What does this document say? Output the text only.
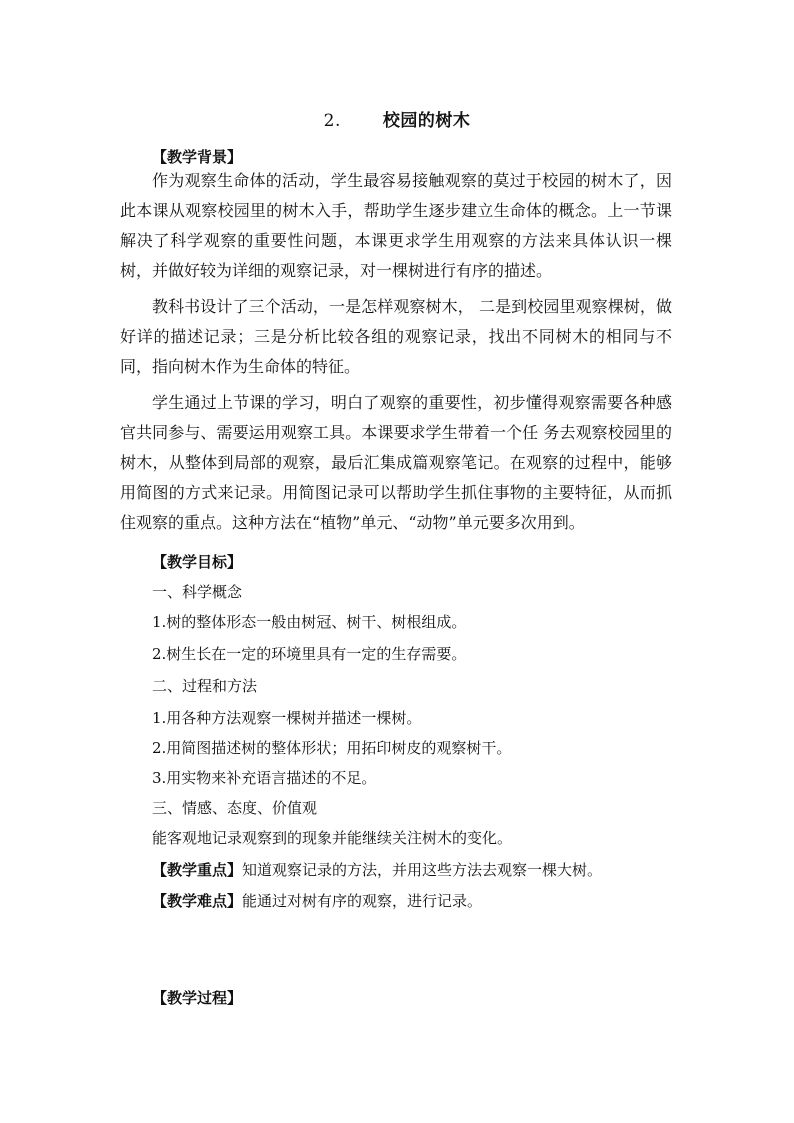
2. 校园的树木
【教学背景】

作为观察生命体的活动，学生最容易接触观察的莫过于校园的树木了，因此本课从观察校园里的树木入手，帮助学生逐步建立生命体的概念。上一节课解决了科学观察的重要性问题，本课更求学生用观察的方法来具体认识一棵树，并做好较为详细的观察记录，对一棵树进行有序的描述。

教科书设计了三个活动，一是怎样观察树木， 二是到校园里观察棵树，做好详的描述记录；三是分析比较各组的观察记录，找出不同树木的相同与不同，指向树木作为生命体的特征。

学生通过上节课的学习，明白了观察的重要性，初步懂得观察需要各种感官共同参与、需要运用观察工具。本课要求学生带着一个任 务去观察校园里的树木，从整体到局部的观察，最后汇集成篇观察笔记。在观察的过程中，能够用简图的方式来记录。用简图记录可以帮助学生抓住事物的主要特征，从而抓住观察的重点。这种方法在“植物”单元、“动物”单元要多次用到。

【教学目标】
一、科学概念
1.树的整体形态一般由树冠、树干、树根组成。
2.树生长在一定的环境里具有一定的生存需要。
二、过程和方法
1.用各种方法观察一棵树并描述一棵树。
2.用简图描述树的整体形状；用拓印树皮的观察树干。
3.用实物来补充语言描述的不足。
三、情感、态度、价值观
能客观地记录观察到的现象并能继续关注树木的变化。
【教学重点】知道观察记录的方法，并用这些方法去观察一棵大树。
【教学难点】能通过对树有序的观察，进行记录。
【教学过程】
